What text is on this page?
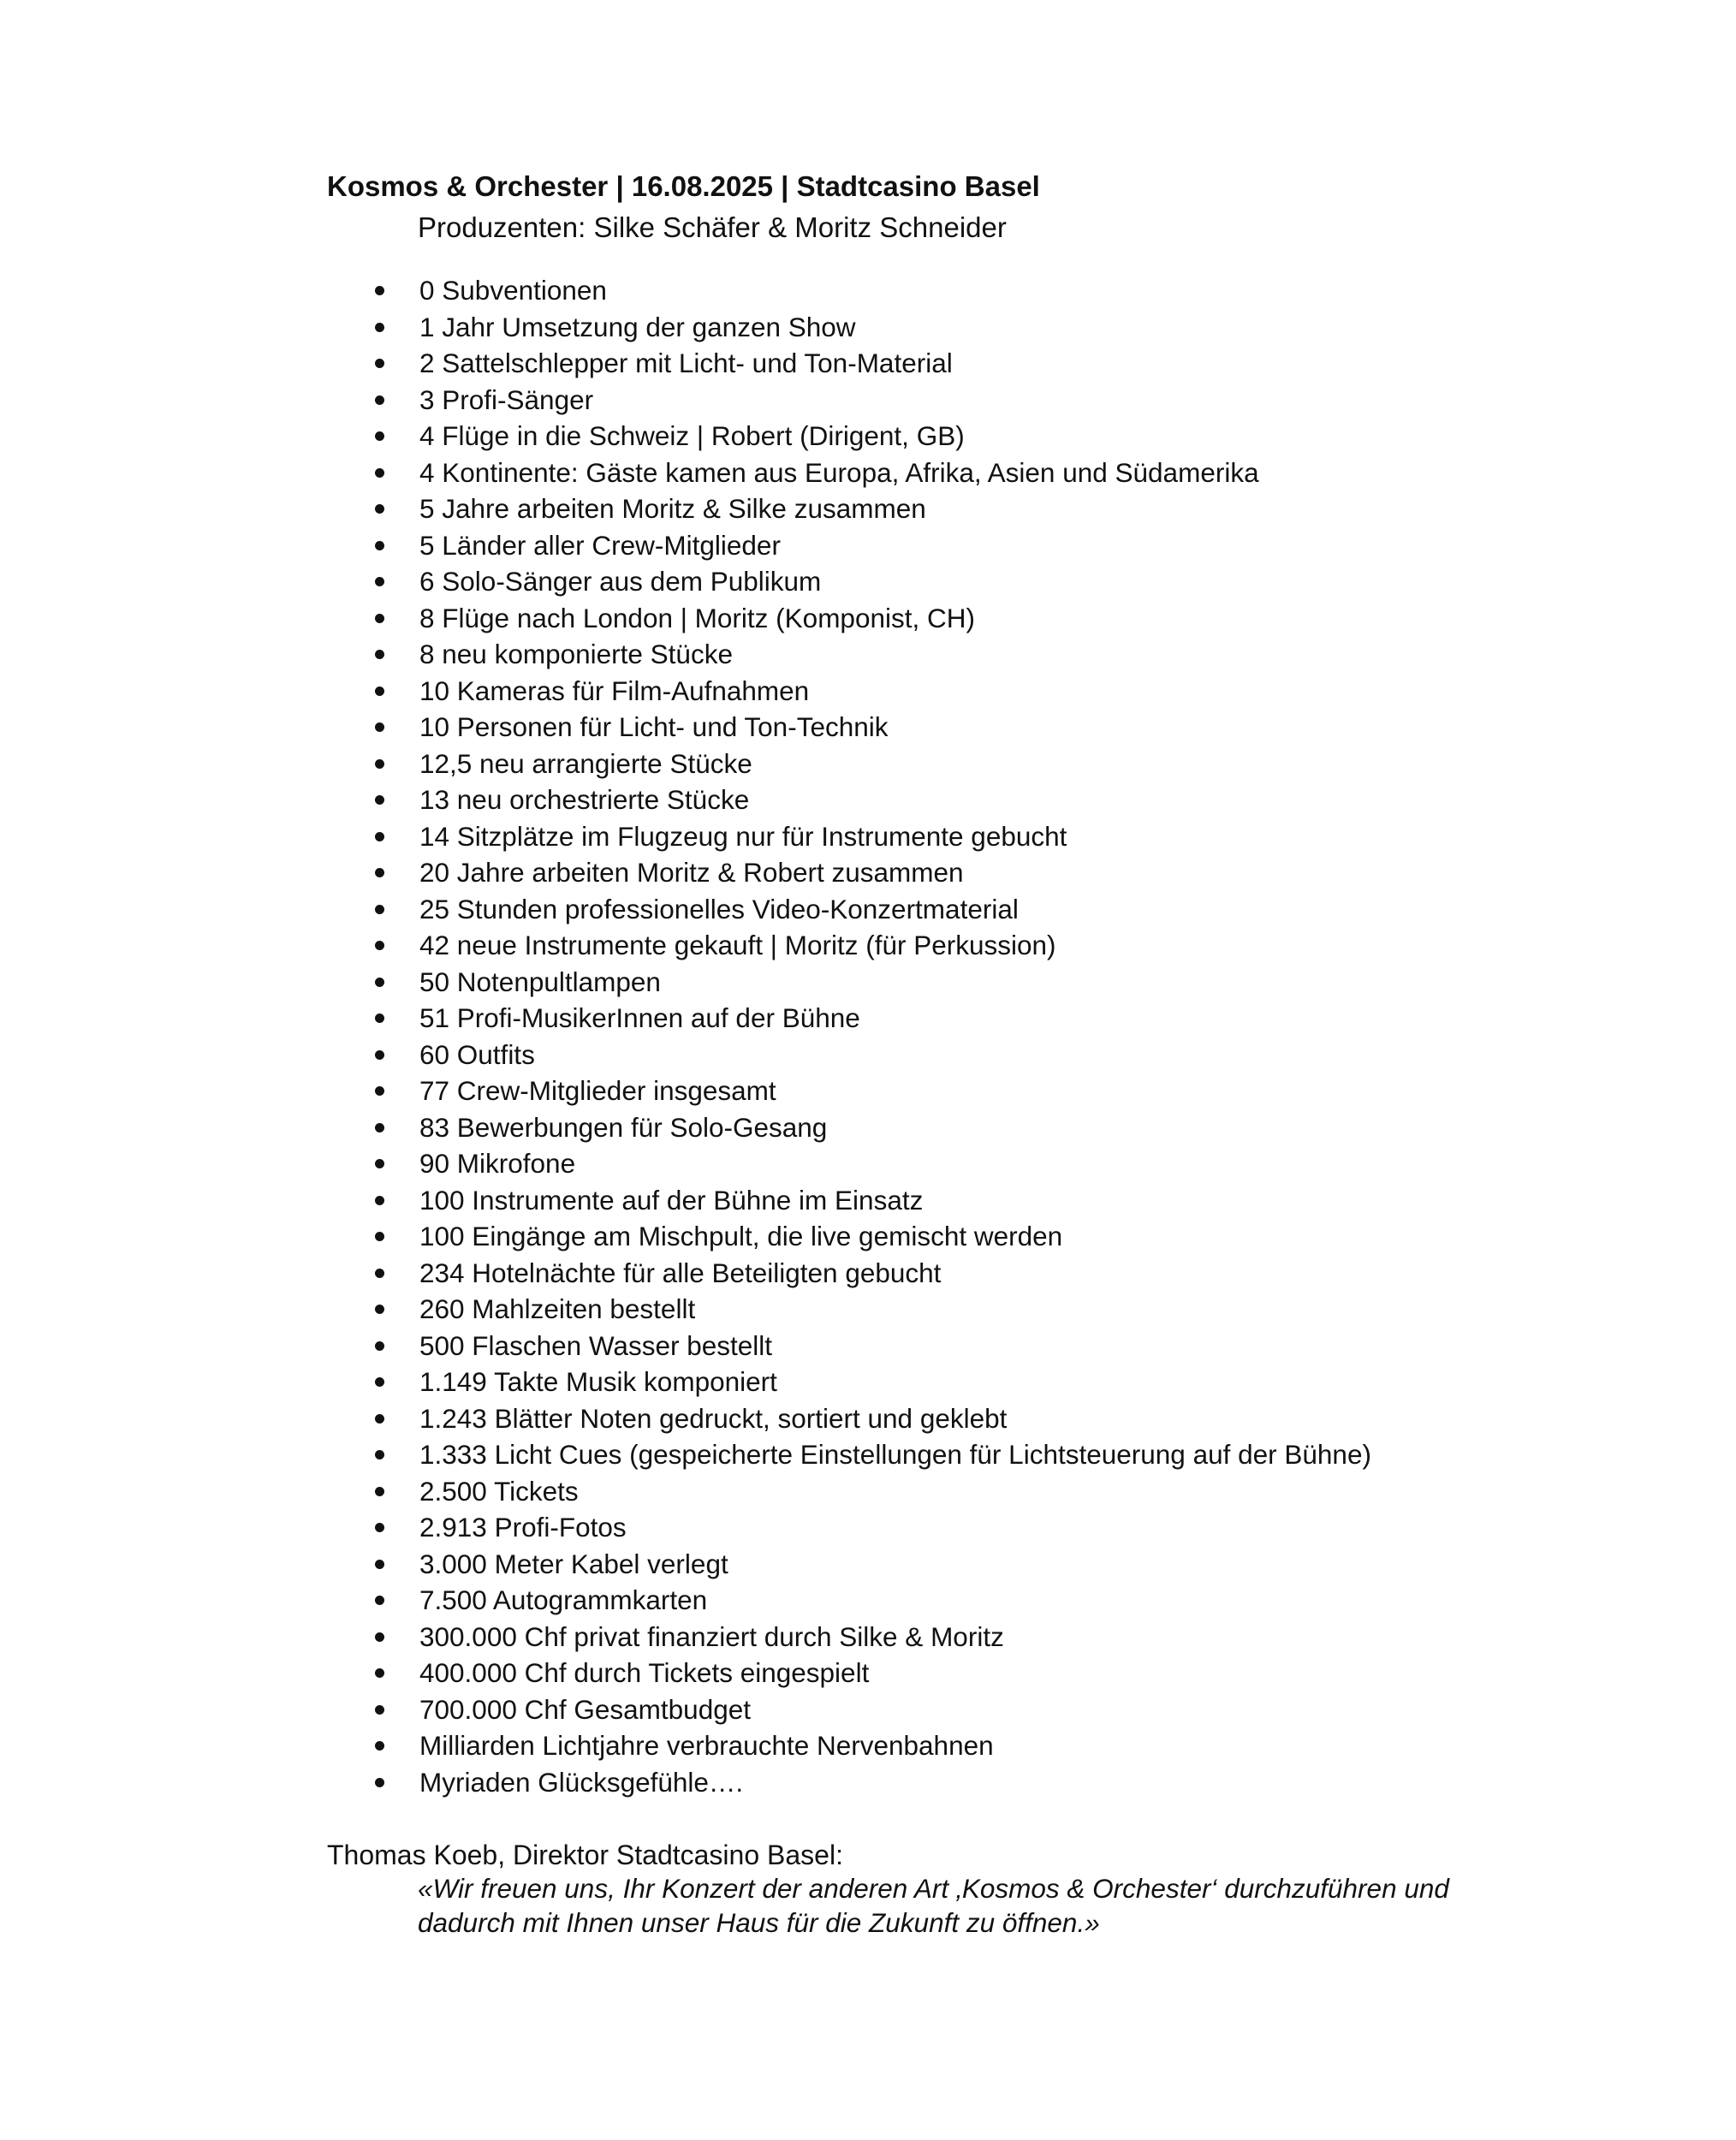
Kosmos & Orchester | 16.08.2025 | Stadtcasino Basel
Produzenten: Silke Schäfer & Moritz Schneider
0 Subventionen
1 Jahr Umsetzung der ganzen Show
2 Sattelschlepper mit Licht- und Ton-Material
3 Profi-Sänger
4 Flüge in die Schweiz | Robert (Dirigent, GB)
4 Kontinente: Gäste kamen aus Europa, Afrika, Asien und Südamerika
5 Jahre arbeiten Moritz & Silke zusammen
5 Länder aller Crew-Mitglieder
6 Solo-Sänger aus dem Publikum
8 Flüge nach London | Moritz (Komponist, CH)
8 neu komponierte Stücke
10 Kameras für Film-Aufnahmen
10 Personen für Licht- und Ton-Technik
12,5 neu arrangierte Stücke
13 neu orchestrierte Stücke
14 Sitzplätze im Flugzeug nur für Instrumente gebucht
20 Jahre arbeiten Moritz & Robert zusammen
25 Stunden professionelles Video-Konzertmaterial
42 neue Instrumente gekauft | Moritz (für Perkussion)
50 Notenpultlampen
51 Profi-MusikerInnen auf der Bühne
60 Outfits
77 Crew-Mitglieder insgesamt
83 Bewerbungen für Solo-Gesang
90 Mikrofone
100 Instrumente auf der Bühne im Einsatz
100 Eingänge am Mischpult, die live gemischt werden
234 Hotelnächte für alle Beteiligten gebucht
260 Mahlzeiten bestellt
500 Flaschen Wasser bestellt
1.149 Takte Musik komponiert
1.243 Blätter Noten gedruckt, sortiert und geklebt
1.333 Licht Cues (gespeicherte Einstellungen für Lichtsteuerung auf der Bühne)
2.500 Tickets
2.913 Profi-Fotos
3.000 Meter Kabel verlegt
7.500 Autogrammkarten
300.000 Chf privat finanziert durch Silke & Moritz
400.000 Chf durch Tickets eingespielt
700.000 Chf Gesamtbudget
Milliarden Lichtjahre verbrauchte Nervenbahnen
Myriaden Glücksgefühle….
Thomas Koeb, Direktor Stadtcasino Basel:
«Wir freuen uns, Ihr Konzert der anderen Art ‚Kosmos & Orchester‘ durchzuführen und
dadurch mit Ihnen unser Haus für die Zukunft zu öffnen.»
